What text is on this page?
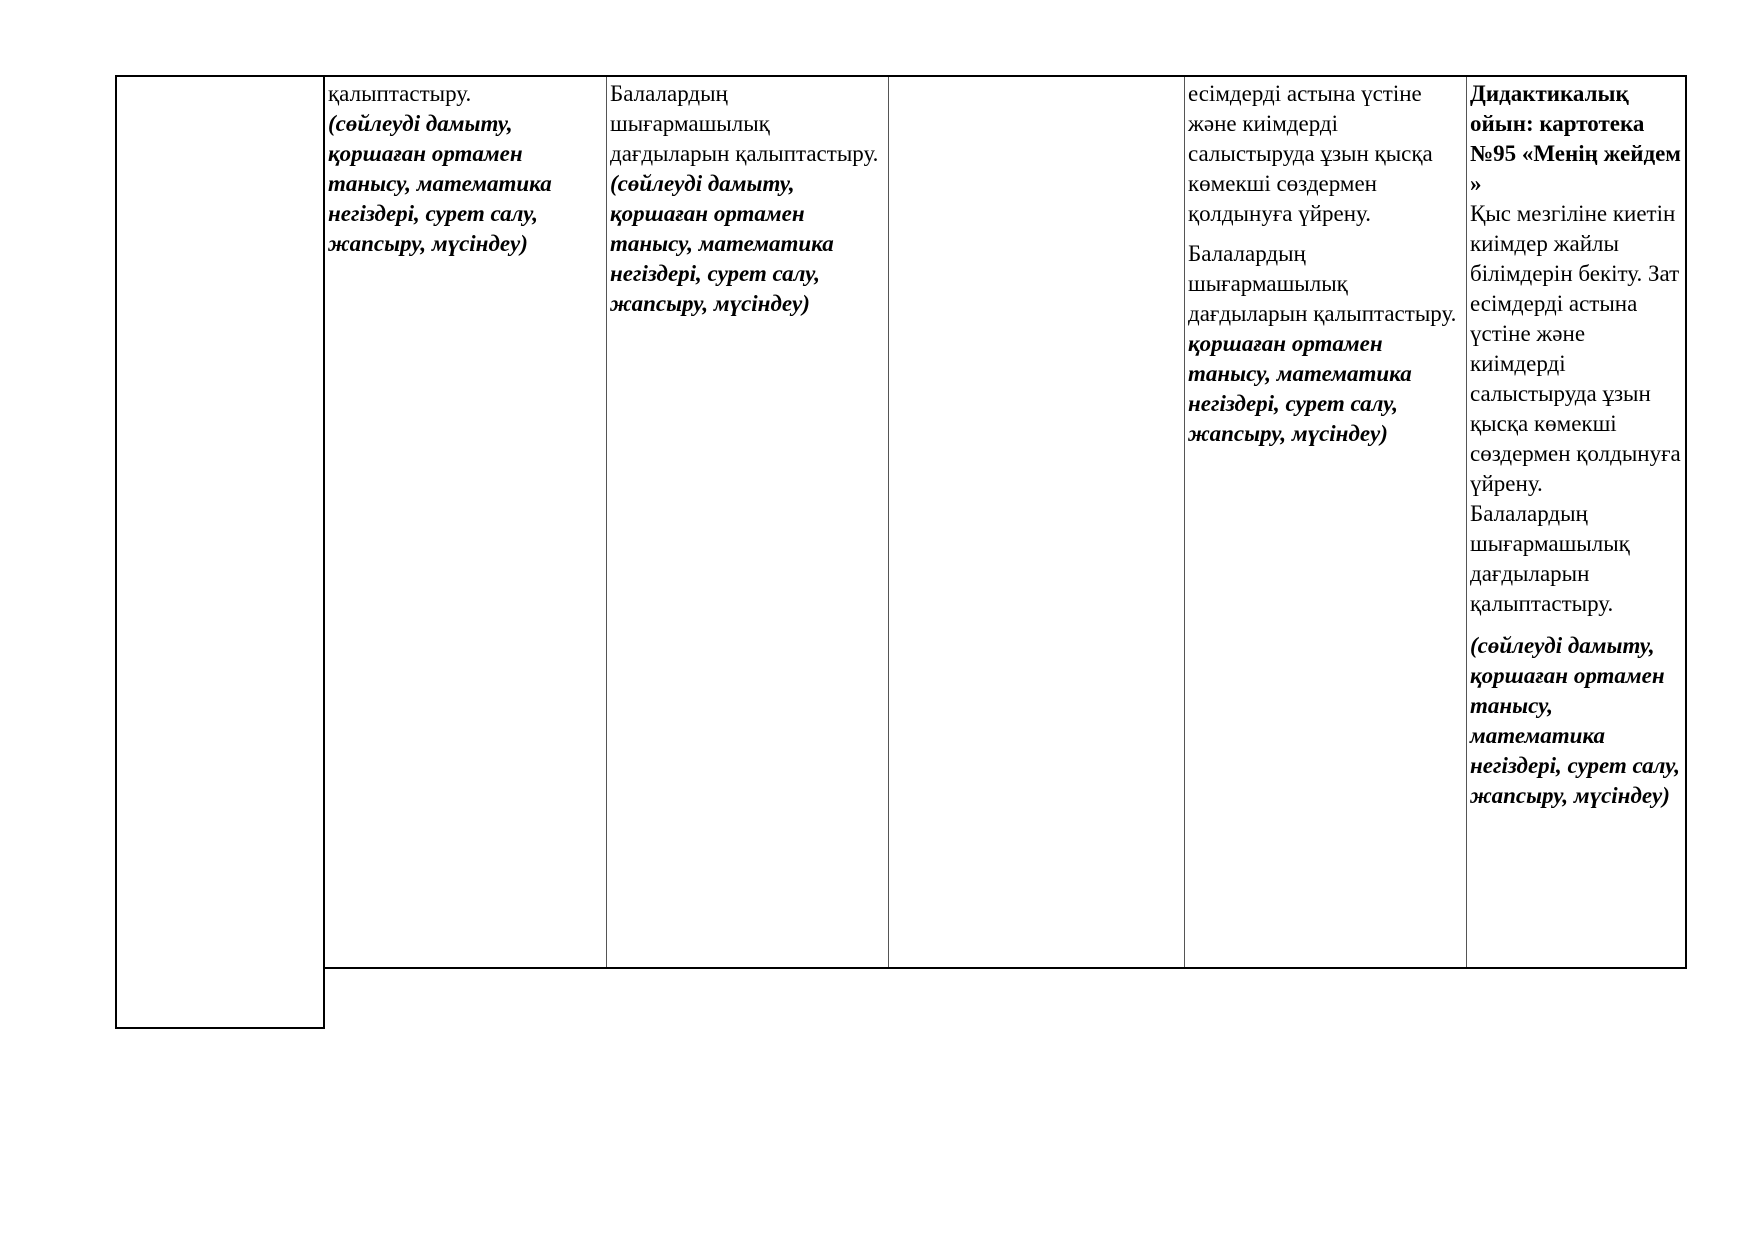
қалыптастыру.
(сөйлеуді дамыту, қоршаған ортамен танысу, математика негіздері, сурет салу, жапсыру, мүсіндеу)
Балалардың шығармашылық дағдыларын қалыптастыру.
(сөйлеуді дамыту, қоршаған ортамен танысу, математика негіздері, сурет салу, жапсыру, мүсіндеу)
есімдерді астына үстіне және киімдерді салыстыруда ұзын қысқа көмекші сөздермен қолдынуға үйрену.
Балалардың шығармашылық дағдыларын қалыптастыру.
қоршаған ортамен танысу, математика негіздері, сурет салу, жапсыру, мүсіндеу)
Дидактикалық ойын: картотека №95 «Менің жейдем »
Қыс мезгіліне киетін киімдер жайлы білімдерін бекіту. Зат есімдерді астына үстіне және киімдерді салыстыруда ұзын қысқа көмекші сөздермен қолдынуға үйрену.
Балалардың шығармашылық дағдыларын қалыптастыру.
(сөйлеуді дамыту, қоршаған ортамен танысу, математика негіздері, сурет салу, жапсыру, мүсіндеу)
